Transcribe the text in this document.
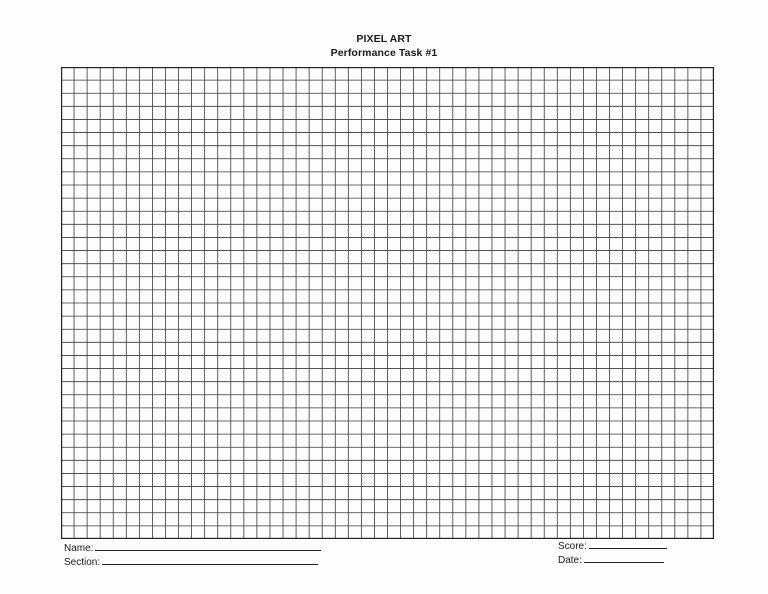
PIXEL ART
Performance Task #1
Name:
Section:
Score:
Date:
